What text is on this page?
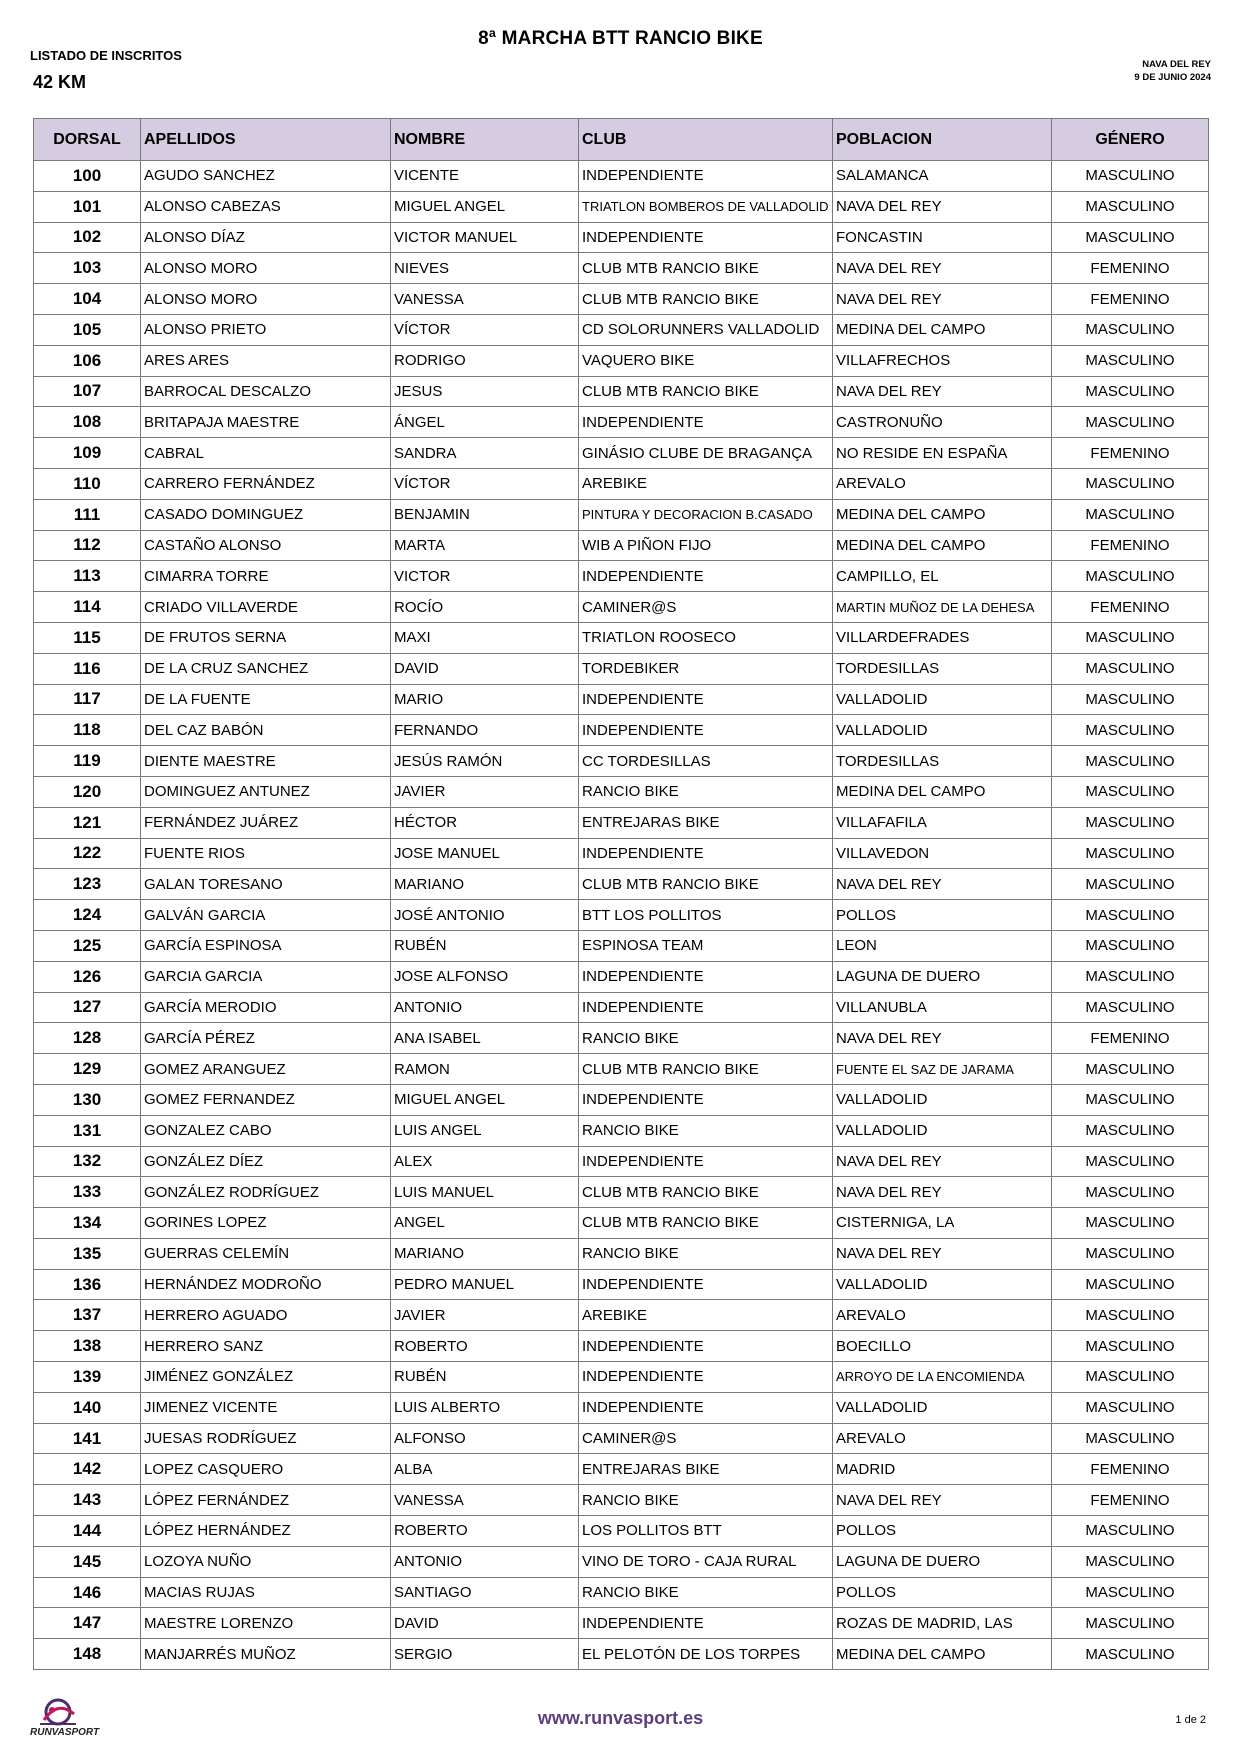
8ª MARCHA BTT RANCIO BIKE
LISTADO DE INSCRITOS
42 KM
NAVA DEL REY
9 DE JUNIO 2024
DORSAL	APELLIDOS	NOMBRE	CLUB	POBLACION	GÉNERO
100	AGUDO SANCHEZ	VICENTE	INDEPENDIENTE	SALAMANCA	MASCULINO
101	ALONSO CABEZAS	MIGUEL ANGEL	TRIATLON BOMBEROS DE VALLADOLID	NAVA DEL REY	MASCULINO
102	ALONSO DÍAZ	VICTOR MANUEL	INDEPENDIENTE	FONCASTIN	MASCULINO
103	ALONSO MORO	NIEVES	CLUB MTB RANCIO BIKE	NAVA DEL REY	FEMENINO
104	ALONSO MORO	VANESSA	CLUB MTB RANCIO BIKE	NAVA DEL REY	FEMENINO
105	ALONSO PRIETO	VÍCTOR	CD SOLORUNNERS VALLADOLID	MEDINA DEL CAMPO	MASCULINO
106	ARES ARES	RODRIGO	VAQUERO BIKE	VILLAFRECHOS	MASCULINO
107	BARROCAL DESCALZO	JESUS	CLUB MTB RANCIO BIKE	NAVA DEL REY	MASCULINO
108	BRITAPAJA MAESTRE	ÁNGEL	INDEPENDIENTE	CASTRONUÑO	MASCULINO
109	CABRAL	SANDRA	GINÁSIO CLUBE DE BRAGANÇA	NO RESIDE EN ESPAÑA	FEMENINO
110	CARRERO FERNÁNDEZ	VÍCTOR	AREBIKE	AREVALO	MASCULINO
111	CASADO DOMINGUEZ	BENJAMIN	PINTURA Y DECORACION B.CASADO	MEDINA DEL CAMPO	MASCULINO
112	CASTAÑO ALONSO	MARTA	WIB A PIÑON FIJO	MEDINA DEL CAMPO	FEMENINO
113	CIMARRA TORRE	VICTOR	INDEPENDIENTE	CAMPILLO, EL	MASCULINO
114	CRIADO VILLAVERDE	ROCÍO	CAMINER@S	MARTIN MUÑOZ DE LA DEHESA	FEMENINO
115	DE FRUTOS SERNA	MAXI	TRIATLON ROOSECO	VILLARDEFRADES	MASCULINO
116	DE LA CRUZ SANCHEZ	DAVID	TORDEBIKER	TORDESILLAS	MASCULINO
117	DE LA FUENTE	MARIO	INDEPENDIENTE	VALLADOLID	MASCULINO
118	DEL CAZ BABÓN	FERNANDO	INDEPENDIENTE	VALLADOLID	MASCULINO
119	DIENTE MAESTRE	JESÚS RAMÓN	CC TORDESILLAS	TORDESILLAS	MASCULINO
120	DOMINGUEZ ANTUNEZ	JAVIER	RANCIO BIKE	MEDINA DEL CAMPO	MASCULINO
121	FERNÁNDEZ JUÁREZ	HÉCTOR	ENTREJARAS BIKE	VILLAFAFILA	MASCULINO
122	FUENTE RIOS	JOSE MANUEL	INDEPENDIENTE	VILLAVEDON	MASCULINO
123	GALAN TORESANO	MARIANO	CLUB MTB RANCIO BIKE	NAVA DEL REY	MASCULINO
124	GALVÁN GARCIA	JOSÉ ANTONIO	BTT LOS POLLITOS	POLLOS	MASCULINO
125	GARCÍA ESPINOSA	RUBÉN	ESPINOSA TEAM	LEON	MASCULINO
126	GARCIA GARCIA	JOSE ALFONSO	INDEPENDIENTE	LAGUNA DE DUERO	MASCULINO
127	GARCÍA MERODIO	ANTONIO	INDEPENDIENTE	VILLANUBLA	MASCULINO
128	GARCÍA PÉREZ	ANA ISABEL	RANCIO BIKE	NAVA DEL REY	FEMENINO
129	GOMEZ ARANGUEZ	RAMON	CLUB MTB RANCIO BIKE	FUENTE EL SAZ DE JARAMA	MASCULINO
130	GOMEZ FERNANDEZ	MIGUEL ANGEL	INDEPENDIENTE	VALLADOLID	MASCULINO
131	GONZALEZ CABO	LUIS ANGEL	RANCIO BIKE	VALLADOLID	MASCULINO
132	GONZÁLEZ DÍEZ	ALEX	INDEPENDIENTE	NAVA DEL REY	MASCULINO
133	GONZÁLEZ RODRÍGUEZ	LUIS MANUEL	CLUB MTB RANCIO BIKE	NAVA DEL REY	MASCULINO
134	GORINES LOPEZ	ANGEL	CLUB MTB RANCIO BIKE	CISTERNIGA, LA	MASCULINO
135	GUERRAS CELEMÍN	MARIANO	RANCIO BIKE	NAVA DEL REY	MASCULINO
136	HERNÁNDEZ MODROÑO	PEDRO MANUEL	INDEPENDIENTE	VALLADOLID	MASCULINO
137	HERRERO AGUADO	JAVIER	AREBIKE	AREVALO	MASCULINO
138	HERRERO SANZ	ROBERTO	INDEPENDIENTE	BOECILLO	MASCULINO
139	JIMÉNEZ GONZÁLEZ	RUBÉN	INDEPENDIENTE	ARROYO DE LA ENCOMIENDA	MASCULINO
140	JIMENEZ VICENTE	LUIS ALBERTO	INDEPENDIENTE	VALLADOLID	MASCULINO
141	JUESAS RODRÍGUEZ	ALFONSO	CAMINER@S	AREVALO	MASCULINO
142	LOPEZ CASQUERO	ALBA	ENTREJARAS BIKE	MADRID	FEMENINO
143	LÓPEZ FERNÁNDEZ	VANESSA	RANCIO BIKE	NAVA DEL REY	FEMENINO
144	LÓPEZ HERNÁNDEZ	ROBERTO	LOS POLLITOS BTT	POLLOS	MASCULINO
145	LOZOYA NUÑO	ANTONIO	VINO DE TORO - CAJA RURAL	LAGUNA DE DUERO	MASCULINO
146	MACIAS RUJAS	SANTIAGO	RANCIO BIKE	POLLOS	MASCULINO
147	MAESTRE LORENZO	DAVID	INDEPENDIENTE	ROZAS DE MADRID, LAS	MASCULINO
148	MANJARRÉS MUÑOZ	SERGIO	EL PELOTÓN DE LOS TORPES	MEDINA DEL CAMPO	MASCULINO
RUNVASPORT
www.runvasport.es	1 de 2
